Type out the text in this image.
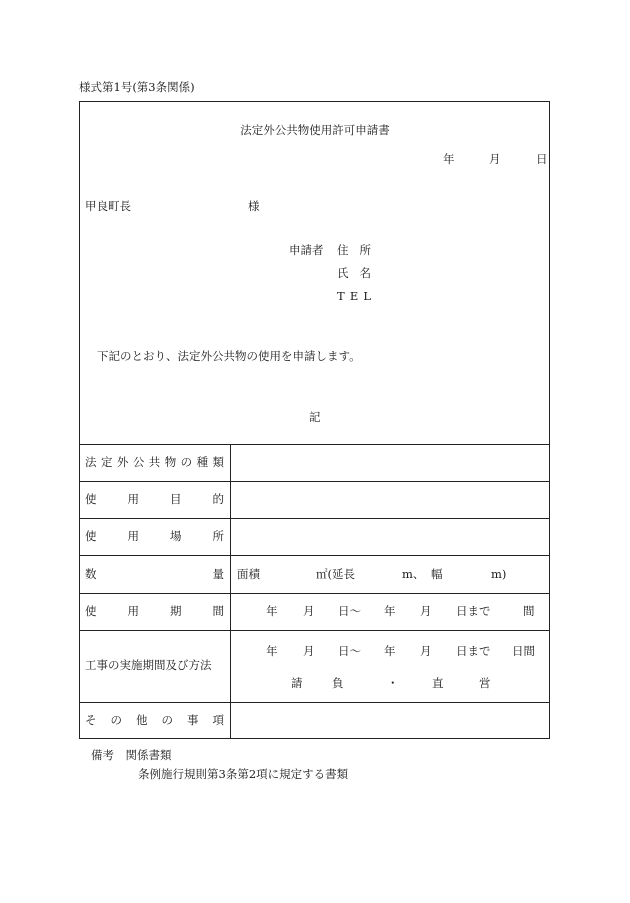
様式第1号(第3条関係)
法定外公共物使用許可申請書
年	月	日
甲良町長	様
申請者 住 所
氏 名
T E L
下記のとおり、法定外公共物の使用を申請します。
記
法 定 外 公 共 物 の 種 類
使	用	目	的
使	用	場	所
数	量 面積	㎡(延長	m、 幅	m)
使	用	期	間	年 月 日〜 年 月 日まで	間
工事の実施期間及び方法
年 月 日〜 年 月 日まで 日間
請	負	・	直	営
そ の 他 の 事 項
備考　関係書類
条例施行規則第3条第2項に規定する書類
